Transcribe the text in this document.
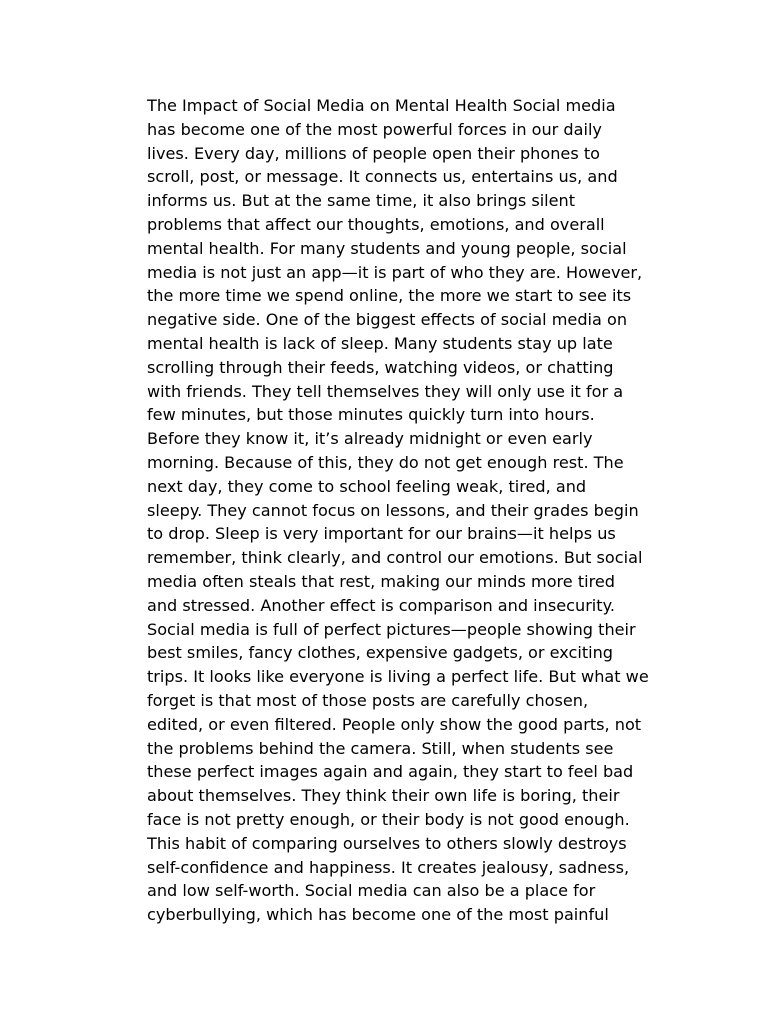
The Impact of Social Media on Mental Health Social media
has become one of the most powerful forces in our daily
lives. Every day, millions of people open their phones to
scroll, post, or message. It connects us, entertains us, and
informs us. But at the same time, it also brings silent
problems that affect our thoughts, emotions, and overall
mental health. For many students and young people, social
media is not just an app—it is part of who they are. However,
the more time we spend online, the more we start to see its
negative side. One of the biggest effects of social media on
mental health is lack of sleep. Many students stay up late
scrolling through their feeds, watching videos, or chatting
with friends. They tell themselves they will only use it for a
few minutes, but those minutes quickly turn into hours.
Before they know it, it’s already midnight or even early
morning. Because of this, they do not get enough rest. The
next day, they come to school feeling weak, tired, and
sleepy. They cannot focus on lessons, and their grades begin
to drop. Sleep is very important for our brains—it helps us
remember, think clearly, and control our emotions. But social
media often steals that rest, making our minds more tired
and stressed. Another effect is comparison and insecurity.
Social media is full of perfect pictures—people showing their
best smiles, fancy clothes, expensive gadgets, or exciting
trips. It looks like everyone is living a perfect life. But what we
forget is that most of those posts are carefully chosen,
edited, or even filtered. People only show the good parts, not
the problems behind the camera. Still, when students see
these perfect images again and again, they start to feel bad
about themselves. They think their own life is boring, their
face is not pretty enough, or their body is not good enough.
This habit of comparing ourselves to others slowly destroys
self-confidence and happiness. It creates jealousy, sadness,
and low self-worth. Social media can also be a place for
cyberbullying, which has become one of the most painful
